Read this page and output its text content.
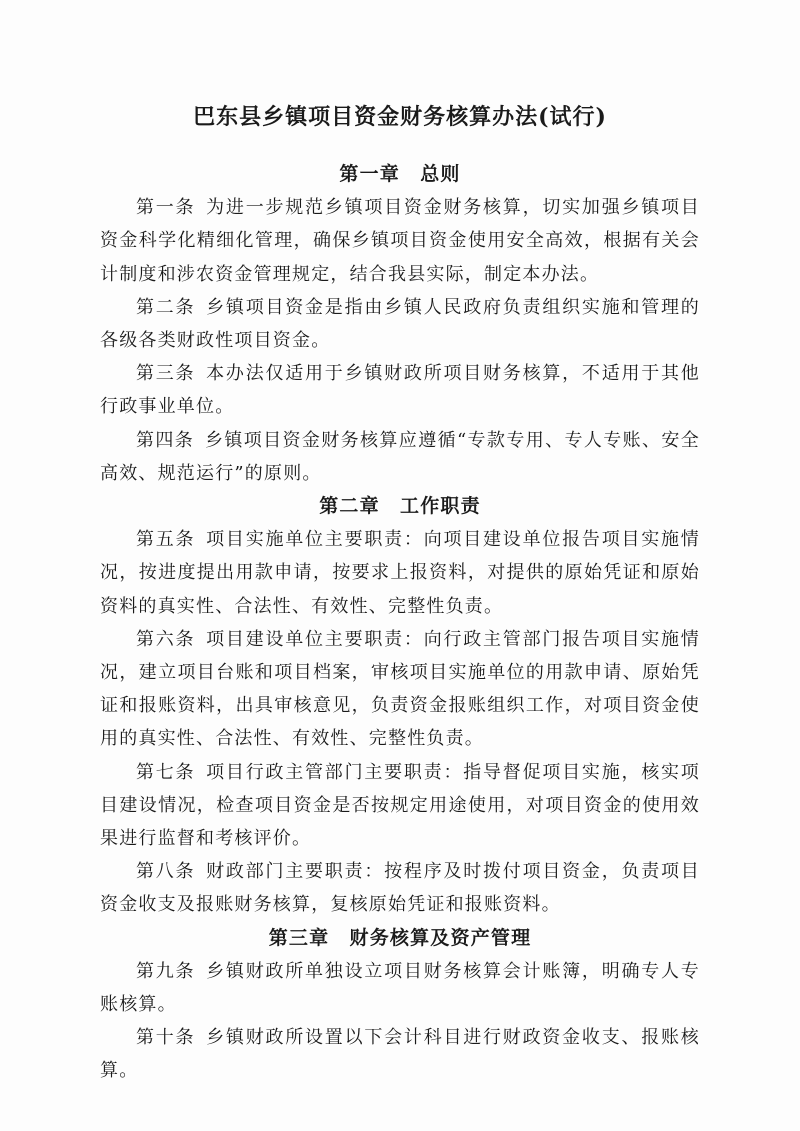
巴东县乡镇项目资金财务核算办法(试行)

第一章　总则

第一条 为进一步规范乡镇项目资金财务核算，切实加强乡镇项目资金科学化精细化管理，确保乡镇项目资金使用安全高效，根据有关会计制度和涉农资金管理规定，结合我县实际，制定本办法。

第二条 乡镇项目资金是指由乡镇人民政府负责组织实施和管理的各级各类财政性项目资金。

第三条 本办法仅适用于乡镇财政所项目财务核算，不适用于其他行政事业单位。

第四条 乡镇项目资金财务核算应遵循“专款专用、专人专账、安全高效、规范运行”的原则。

第二章　工作职责

第五条 项目实施单位主要职责：向项目建设单位报告项目实施情况，按进度提出用款申请，按要求上报资料，对提供的原始凭证和原始资料的真实性、合法性、有效性、完整性负责。

第六条 项目建设单位主要职责：向行政主管部门报告项目实施情况，建立项目台账和项目档案，审核项目实施单位的用款申请、原始凭证和报账资料，出具审核意见，负责资金报账组织工作，对项目资金使用的真实性、合法性、有效性、完整性负责。

第七条 项目行政主管部门主要职责：指导督促项目实施，核实项目建设情况，检查项目资金是否按规定用途使用，对项目资金的使用效果进行监督和考核评价。

第八条 财政部门主要职责：按程序及时拨付项目资金，负责项目资金收支及报账财务核算，复核原始凭证和报账资料。

第三章　财务核算及资产管理

第九条 乡镇财政所单独设立项目财务核算会计账簿，明确专人专账核算。

第十条 乡镇财政所设置以下会计科目进行财政资金收支、报账核算。
